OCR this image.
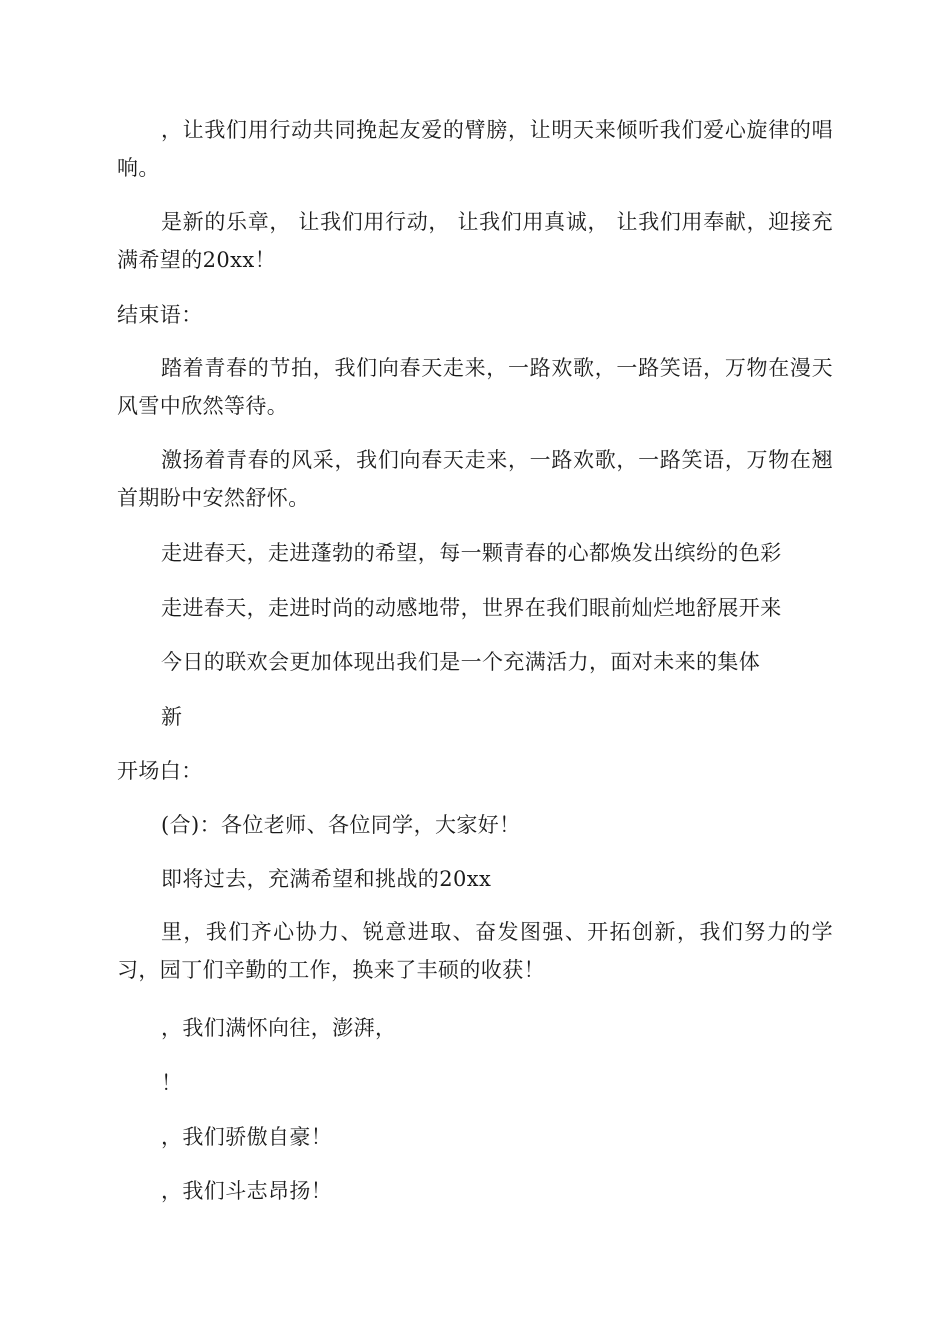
，让我们用行动共同挽起友爱的臂膀，让明天来倾听我们爱心旋律的唱响。

是新的乐章， 让我们用行动， 让我们用真诚， 让我们用奉献，迎接充满希望的20xx！

结束语：

踏着青春的节拍，我们向春天走来，一路欢歌，一路笑语，万物在漫天风雪中欣然等待。

激扬着青春的风采，我们向春天走来，一路欢歌，一路笑语，万物在翘首期盼中安然舒怀。

走进春天，走进蓬勃的希望，每一颗青春的心都焕发出缤纷的色彩

走进春天，走进时尚的动感地带，世界在我们眼前灿烂地舒展开来

今日的联欢会更加体现出我们是一个充满活力，面对未来的集体

新

开场白：

(合)：各位老师、各位同学，大家好！

即将过去，充满希望和挑战的20xx

里，我们齐心协力、锐意进取、奋发图强、开拓创新，我们努力的学习，园丁们辛勤的工作，换来了丰硕的收获！

，我们满怀向往，澎湃，

！

，我们骄傲自豪！

，我们斗志昂扬！
